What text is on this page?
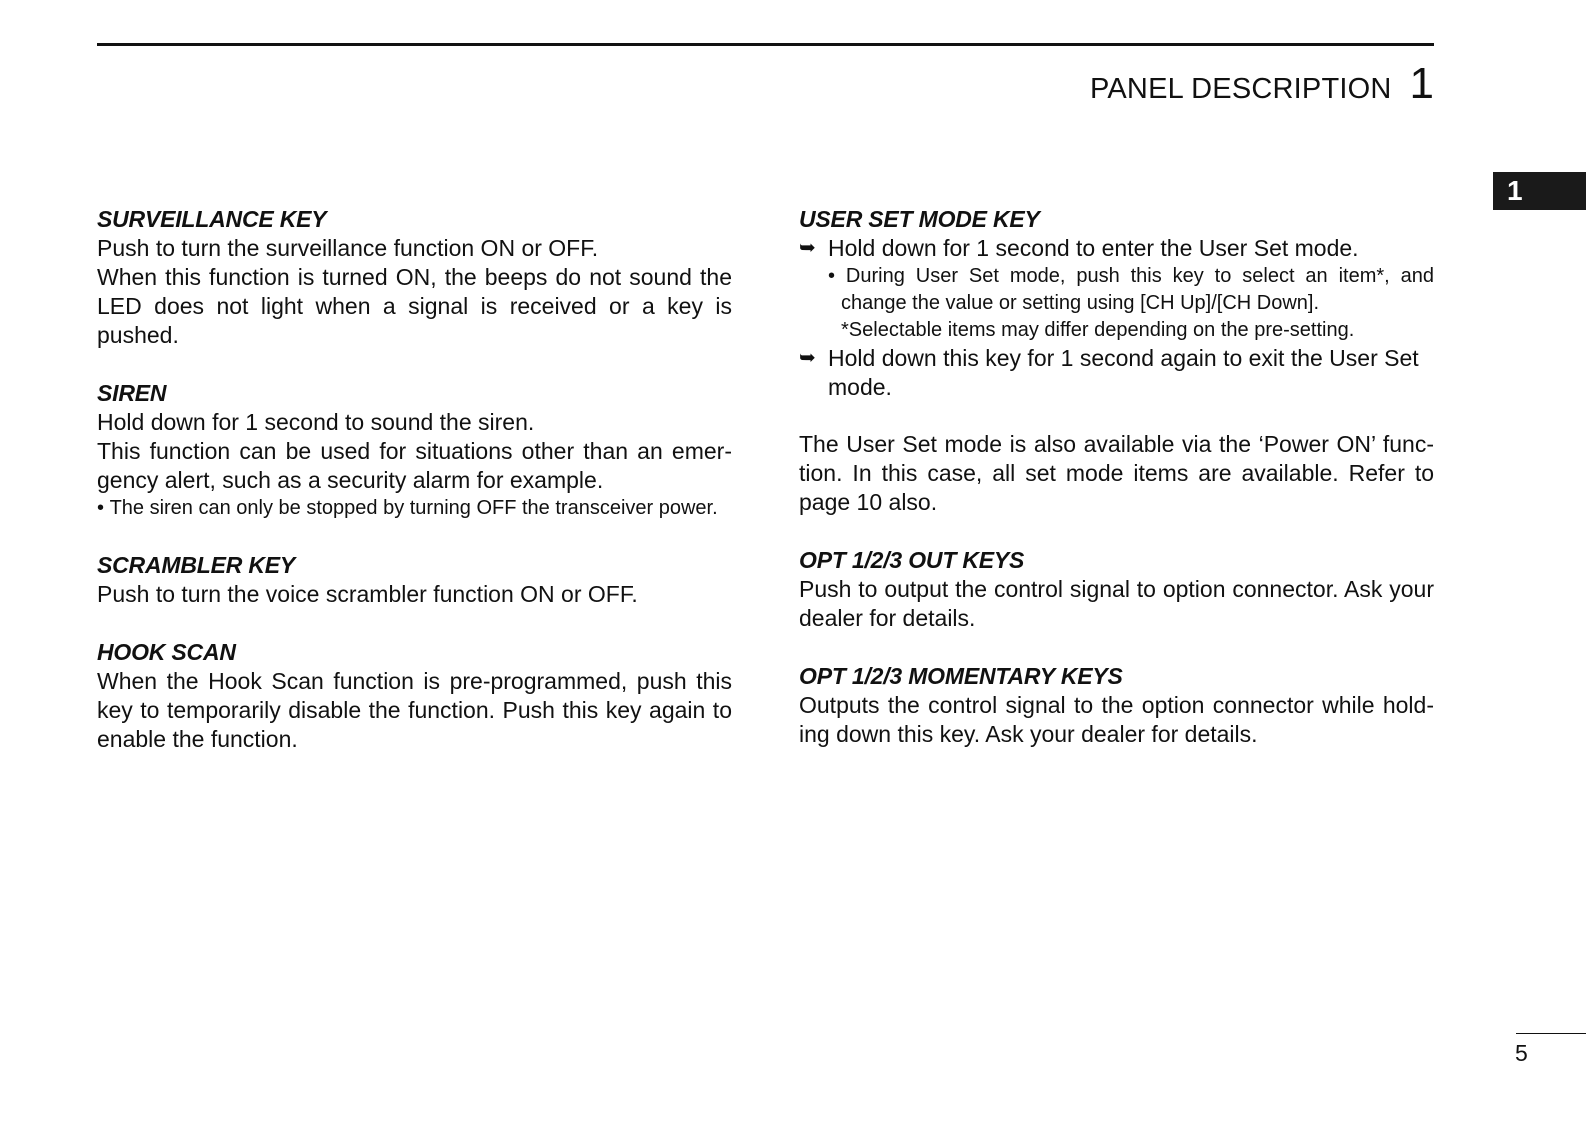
PANEL DESCRIPTION 1
1
SURVEILLANCE KEY

Push to turn the surveillance function ON or OFF.

When this function is turned ON, the beeps do not sound the LED does not light when a signal is received or a key is pushed.

SIREN

Hold down for 1 second to sound the siren.

This function can be used for situations other than an emer-gency alert, such as a security alarm for example.

• The siren can only be stopped by turning OFF the transceiver power.

SCRAMBLER KEY

Push to turn the voice scrambler function ON or OFF.

HOOK SCAN

When the Hook Scan function is pre-programmed, push this key to temporarily disable the function. Push this key again to enable the function.

USER SET MODE KEY
➥ Hold down for 1 second to enter the User Set mode.

• During User Set mode, push this key to select an item*, and change the value or setting using [CH Up]/[CH Down].

*Selectable items may differ depending on the pre-setting.

➥ Hold down this key for 1 second again to exit the User Set mode.

The User Set mode is also available via the ‘Power ON’ func-tion. In this case, all set mode items are available. Refer to page 10 also.

OPT 1/2/3 OUT KEYS

Push to output the control signal to option connector. Ask your dealer for details.

OPT 1/2/3 MOMENTARY KEYS

Outputs the control signal to the option connector while hold-ing down this key. Ask your dealer for details.

5
